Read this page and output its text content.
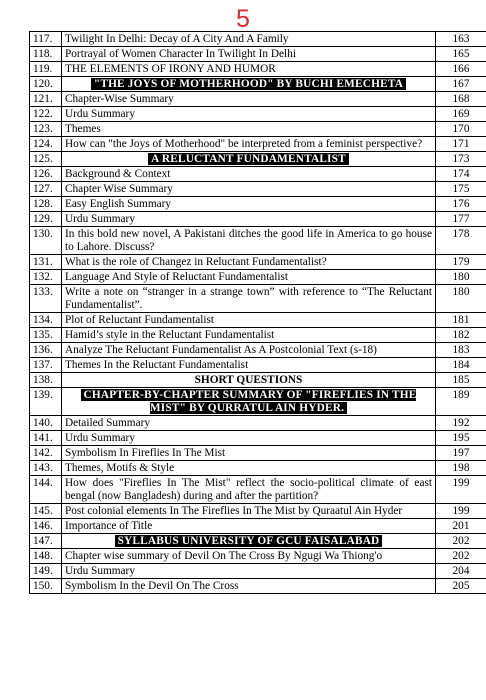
5
117.	Twilight In Delhi: Decay of A City And A Family	163
118.	Portrayal of Women Character In Twilight In Delhi	165
119.	THE ELEMENTS OF IRONY AND HUMOR	166
120.	"THE JOYS OF MOTHERHOOD" BY BUCHI EMECHETA	167
121.	Chapter-Wise Summary	168
122.	Urdu Summary	169
123.	Themes	170
124.	How can "the Joys of Motherhood" be interpreted from a feminist perspective?	171
125.	A RELUCTANT FUNDAMENTALIST	173
126.	Background & Context	174
127.	Chapter Wise Summary	175
128.	Easy English Summary	176
129.	Urdu Summary	177
130.	In this bold new novel, A Pakistani ditches the good life in America to go house to Lahore. Discuss?	178
131.	What is the role of Changez in Reluctant Fundamentalist?	179
132.	Language And Style of Reluctant Fundamentalist	180
133.	Write a note on “stranger in a strange town” with reference to “The Reluctant Fundamentalist”.	180
134.	Plot of Reluctant Fundamentalist	181
135.	Hamid’s style in the Reluctant Fundamentalist	182
136.	Analyze The Reluctant Fundamentalist As A Postcolonial Text (s-18)	183
137.	Themes In the Reluctant Fundamentalist	184
138.	SHORT QUESTIONS	185
139.	CHAPTER-BY-CHAPTER SUMMARY OF "FIREFLIES IN THE MIST" BY QURRATUL AIN HYDER.	189
140.	Detailed Summary	192
141.	Urdu Summary	195
142.	Symbolism In Fireflies In The Mist	197
143.	Themes, Motifs & Style	198
144.	How does "Fireflies In The Mist" reflect the socio-political climate of east bengal (now Bangladesh) during and after the partition?	199
145.	Post colonial elements In The Fireflies In The Mist by Quraatul Ain Hyder	199
146.	Importance of Title	201
147.	SYLLABUS UNIVERSITY OF GCU FAISALABAD	202
148.	Chapter wise summary of Devil On The Cross By Ngugi Wa Thiong'o	202
149.	Urdu Summary	204
150.	Symbolism In the Devil On The Cross	205
